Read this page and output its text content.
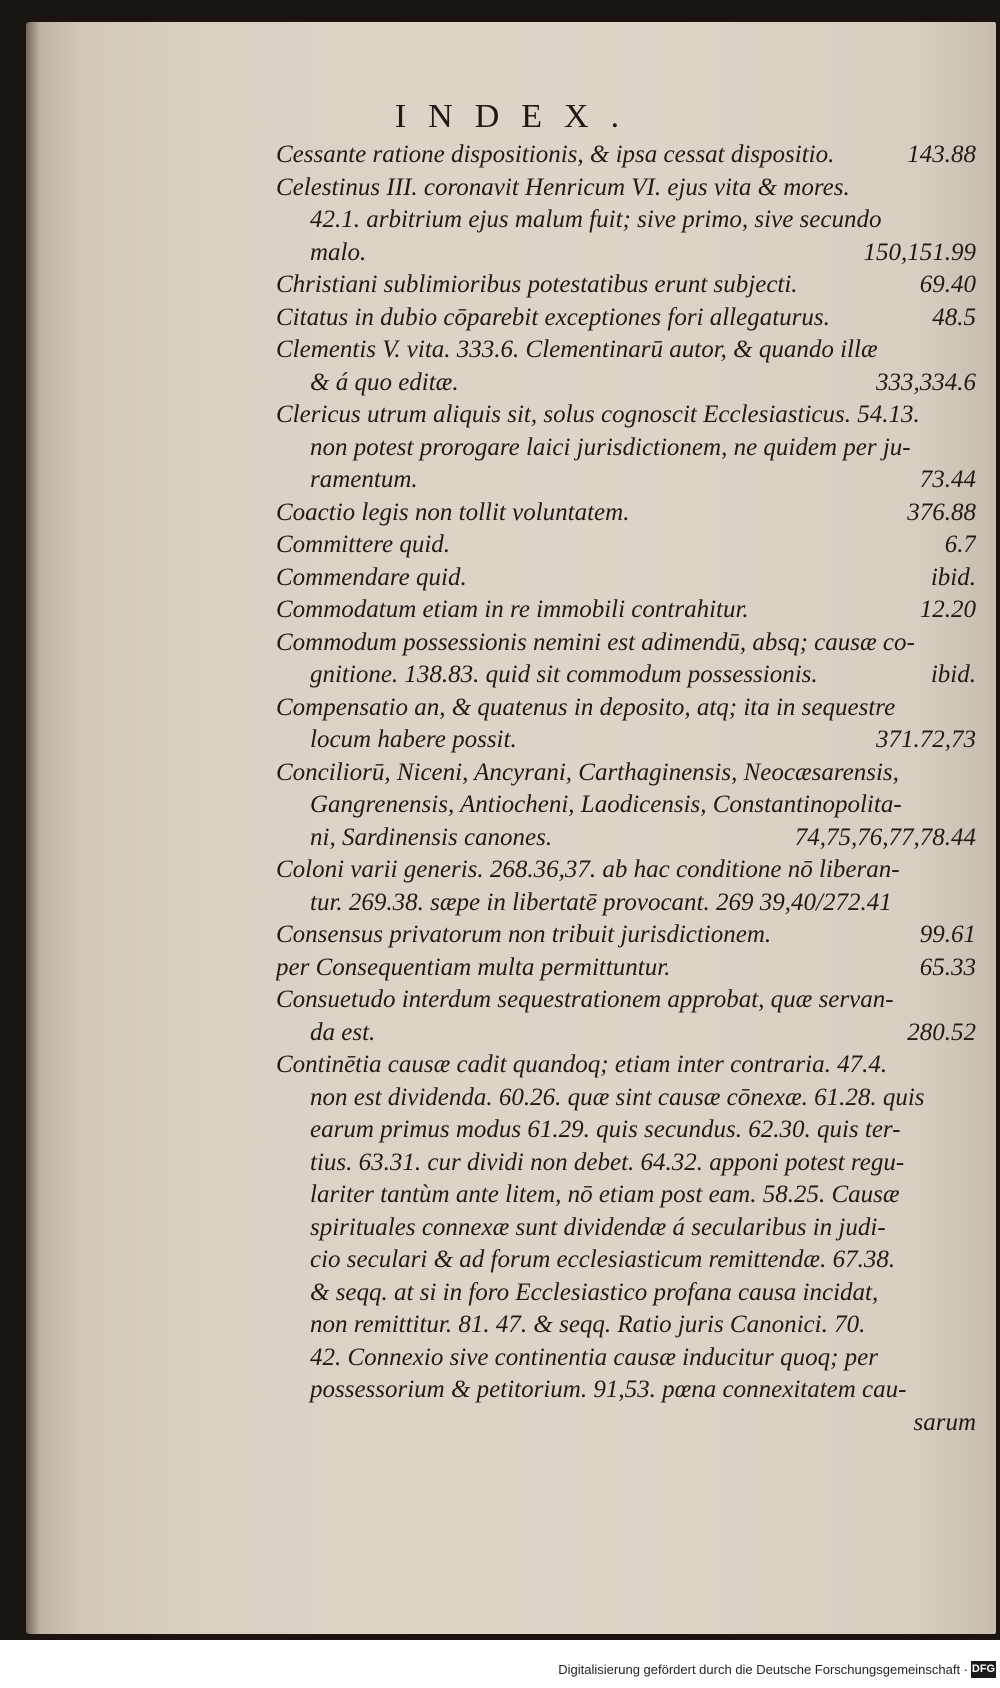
INDEX.
Cessante ratione dispositionis, & ipsa cessat dispositio.	143.88
Celestinus III. coronavit Henricum VI. ejus vita & mores.
42.1. arbitrium ejus malum fuit; sive primo, sive secundo
malo.	150,151.99
Christiani sublimioribus potestatibus erunt subjecti.	69.40
Citatus in dubio cōparebit exceptiones fori allegaturus.	48.5
Clementis V. vita. 333.6. Clementinarū autor, & quando illæ
& á quo editæ.	333,334.6
Clericus utrum aliquis sit, solus cognoscit Ecclesiasticus. 54.13.
non potest prorogare laici jurisdictionem, ne quidem per ju-
ramentum.	73.44
Coactio legis non tollit voluntatem.	376.88
Committere quid.	6.7
Commendare quid.	ibid.
Commodatum etiam in re immobili contrahitur.	12.20
Commodum possessionis nemini est adimendū, absq; causæ co-
gnitione. 138.83. quid sit commodum possessionis.	ibid.
Compensatio an, & quatenus in deposito, atq; ita in sequestre
locum habere possit.	371.72,73
Conciliorū, Niceni, Ancyrani, Carthaginensis, Neocæsarensis,
Gangrenensis, Antiocheni, Laodicensis, Constantinopolita-
ni, Sardinensis canones.	74,75,76,77,78.44
Coloni varii generis. 268.36,37. ab hac conditione nō liberan-
tur. 269.38. sæpe in libertatē provocant. 269 39,40/272.41
Consensus privatorum non tribuit jurisdictionem.	99.61
per Consequentiam multa permittuntur.	65.33
Consuetudo interdum sequestrationem approbat, quæ servan-
da est.	280.52
Continētia causæ cadit quandoq; etiam inter contraria. 47.4.
non est dividenda. 60.26. quæ sint causæ cōnexæ. 61.28. quis
earum primus modus 61.29. quis secundus. 62.30. quis ter-
tius. 63.31. cur dividi non debet. 64.32. apponi potest regu-
lariter tantùm ante litem, nō etiam post eam. 58.25. Causæ
spirituales connexæ sunt dividendæ á secularibus in judi-
cio seculari & ad forum ecclesiasticum remittendæ. 67.38.
& seqq. at si in foro Ecclesiastico profana causa incidat,
non remittitur. 81. 47. & seqq. Ratio juris Canonici. 70.
42. Connexio sive continentia causæ inducitur quoq; per
possessorium & petitorium. 91,53. pœna connexitatem cau-
sarum
Digitalisierung gefördert durch die Deutsche Forschungsgemeinschaft · DFG
